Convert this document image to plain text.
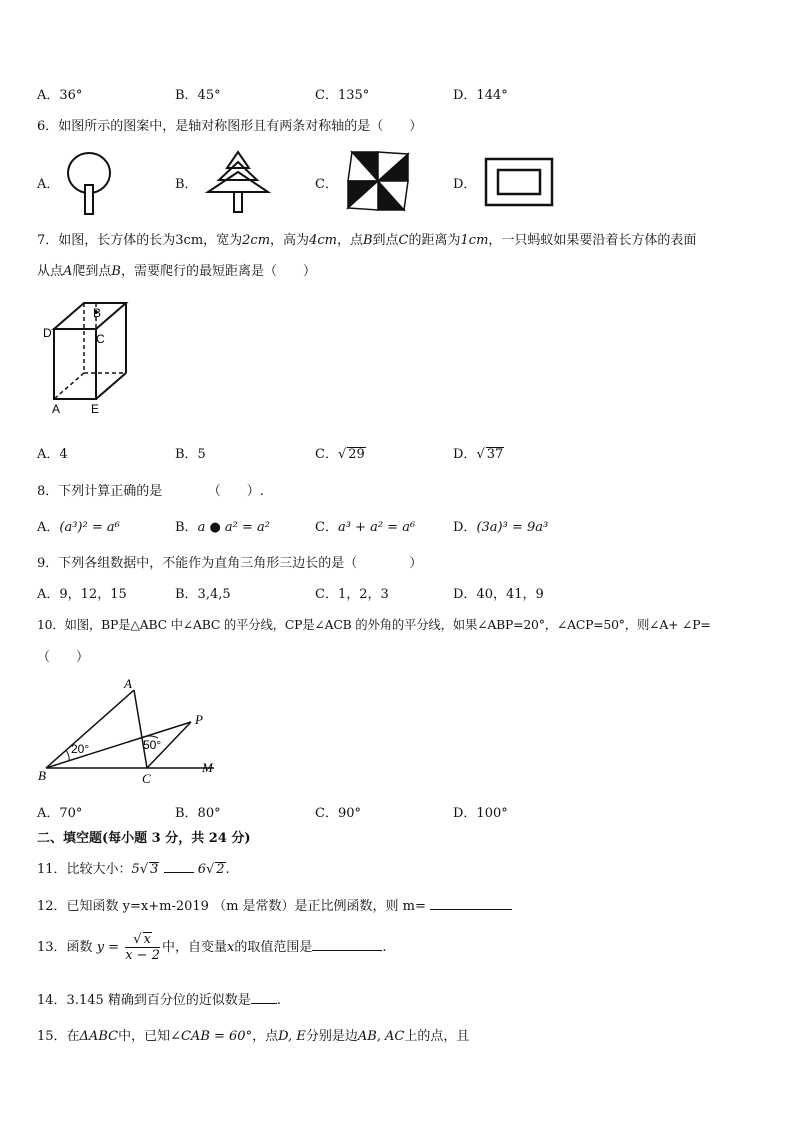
A．36°	B．45°	C．135°	D．144°
6．如图所示的图案中，是轴对称图形且有两条对称轴的是（　　）
A．	B．	C．	D．
7．如图，长方体的长为3cm，宽为2cm，高为4cm，点B到点C的距离为1cm，一只蚂蚁如果要沿着长方体的表面
从点A爬到点B，需要爬行的最短距离是（　　）
D
B
C
A	E
A．4	B．5	C．√ 29	D．√ 37
8．下列计算正确的是　　　　（　　）.
A．(a³)² = a⁶	B．a ● a² = a²	C．a³ + a² = a⁶	D．(3a)³ = 9a³
9．下列各组数据中，不能作为直角三角形三边长的是（　　　　）
A．9，12，15	B．3,4,5	C．1，2，3	D．40，41，9
10．如图，BP是△ABC 中∠ABC 的平分线，CP是∠ACB 的外角的平分线，如果∠ABP=20°，∠ACP=50°，则∠A+ ∠P=
（　　）
A
P
20°	50°
B	C
M
A．70°	B．80°	C．90°	D．100°
二、填空题(每小题 3 分，共 24 分)
11．比较大小：5√ 3	6√ 2.
12．已知函数 y=x+m-2019 （m 是常数）是正比例函数，则 m=
13．函数 $y = \frac{√ x}{x - 2}$ 中，自变量x的取值范围是	.
14．3.145 精确到百分位的近似数是 .
15．在ΔABC中，已知∠CAB = 60°，点D, E分别是边AB, AC上的点，且
